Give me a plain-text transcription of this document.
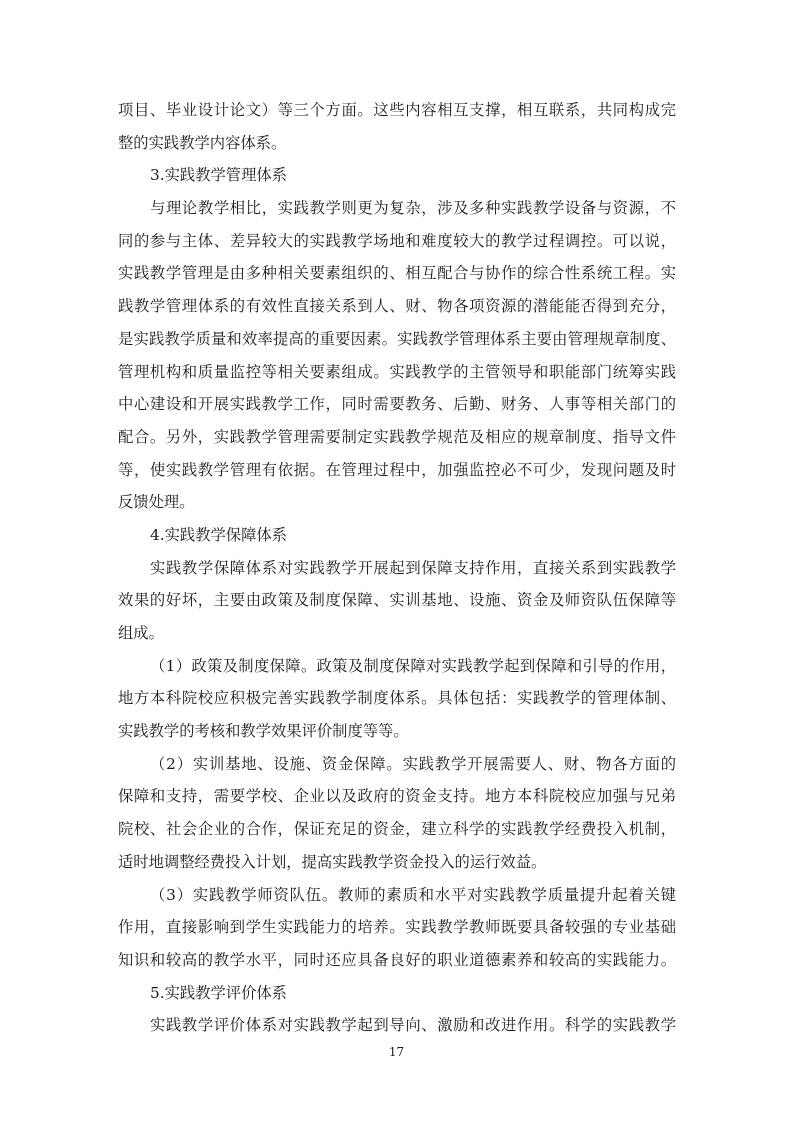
项目、毕业设计论文）等三个方面。这些内容相互支撑，相互联系，共同构成完
整的实践教学内容体系。
3.实践教学管理体系
与理论教学相比，实践教学则更为复杂，涉及多种实践教学设备与资源，不
同的参与主体、差异较大的实践教学场地和难度较大的教学过程调控。可以说，
实践教学管理是由多种相关要素组织的、相互配合与协作的综合性系统工程。实
践教学管理体系的有效性直接关系到人、财、物各项资源的潜能能否得到充分，
是实践教学质量和效率提高的重要因素。实践教学管理体系主要由管理规章制度、
管理机构和质量监控等相关要素组成。实践教学的主管领导和职能部门统筹实践
中心建设和开展实践教学工作，同时需要教务、后勤、财务、人事等相关部门的
配合。另外，实践教学管理需要制定实践教学规范及相应的规章制度、指导文件
等，使实践教学管理有依据。在管理过程中，加强监控必不可少，发现问题及时
反馈处理。
4.实践教学保障体系
实践教学保障体系对实践教学开展起到保障支持作用，直接关系到实践教学
效果的好坏，主要由政策及制度保障、实训基地、设施、资金及师资队伍保障等
组成。
（1）政策及制度保障。政策及制度保障对实践教学起到保障和引导的作用，
地方本科院校应积极完善实践教学制度体系。具体包括：实践教学的管理体制、
实践教学的考核和教学效果评价制度等等。
（2）实训基地、设施、资金保障。实践教学开展需要人、财、物各方面的
保障和支持，需要学校、企业以及政府的资金支持。地方本科院校应加强与兄弟
院校、社会企业的合作，保证充足的资金，建立科学的实践教学经费投入机制，
适时地调整经费投入计划，提高实践教学资金投入的运行效益。
（3）实践教学师资队伍。教师的素质和水平对实践教学质量提升起着关键
作用，直接影响到学生实践能力的培养。实践教学教师既要具备较强的专业基础
知识和较高的教学水平，同时还应具备良好的职业道德素养和较高的实践能力。
5.实践教学评价体系
实践教学评价体系对实践教学起到导向、激励和改进作用。科学的实践教学
17
